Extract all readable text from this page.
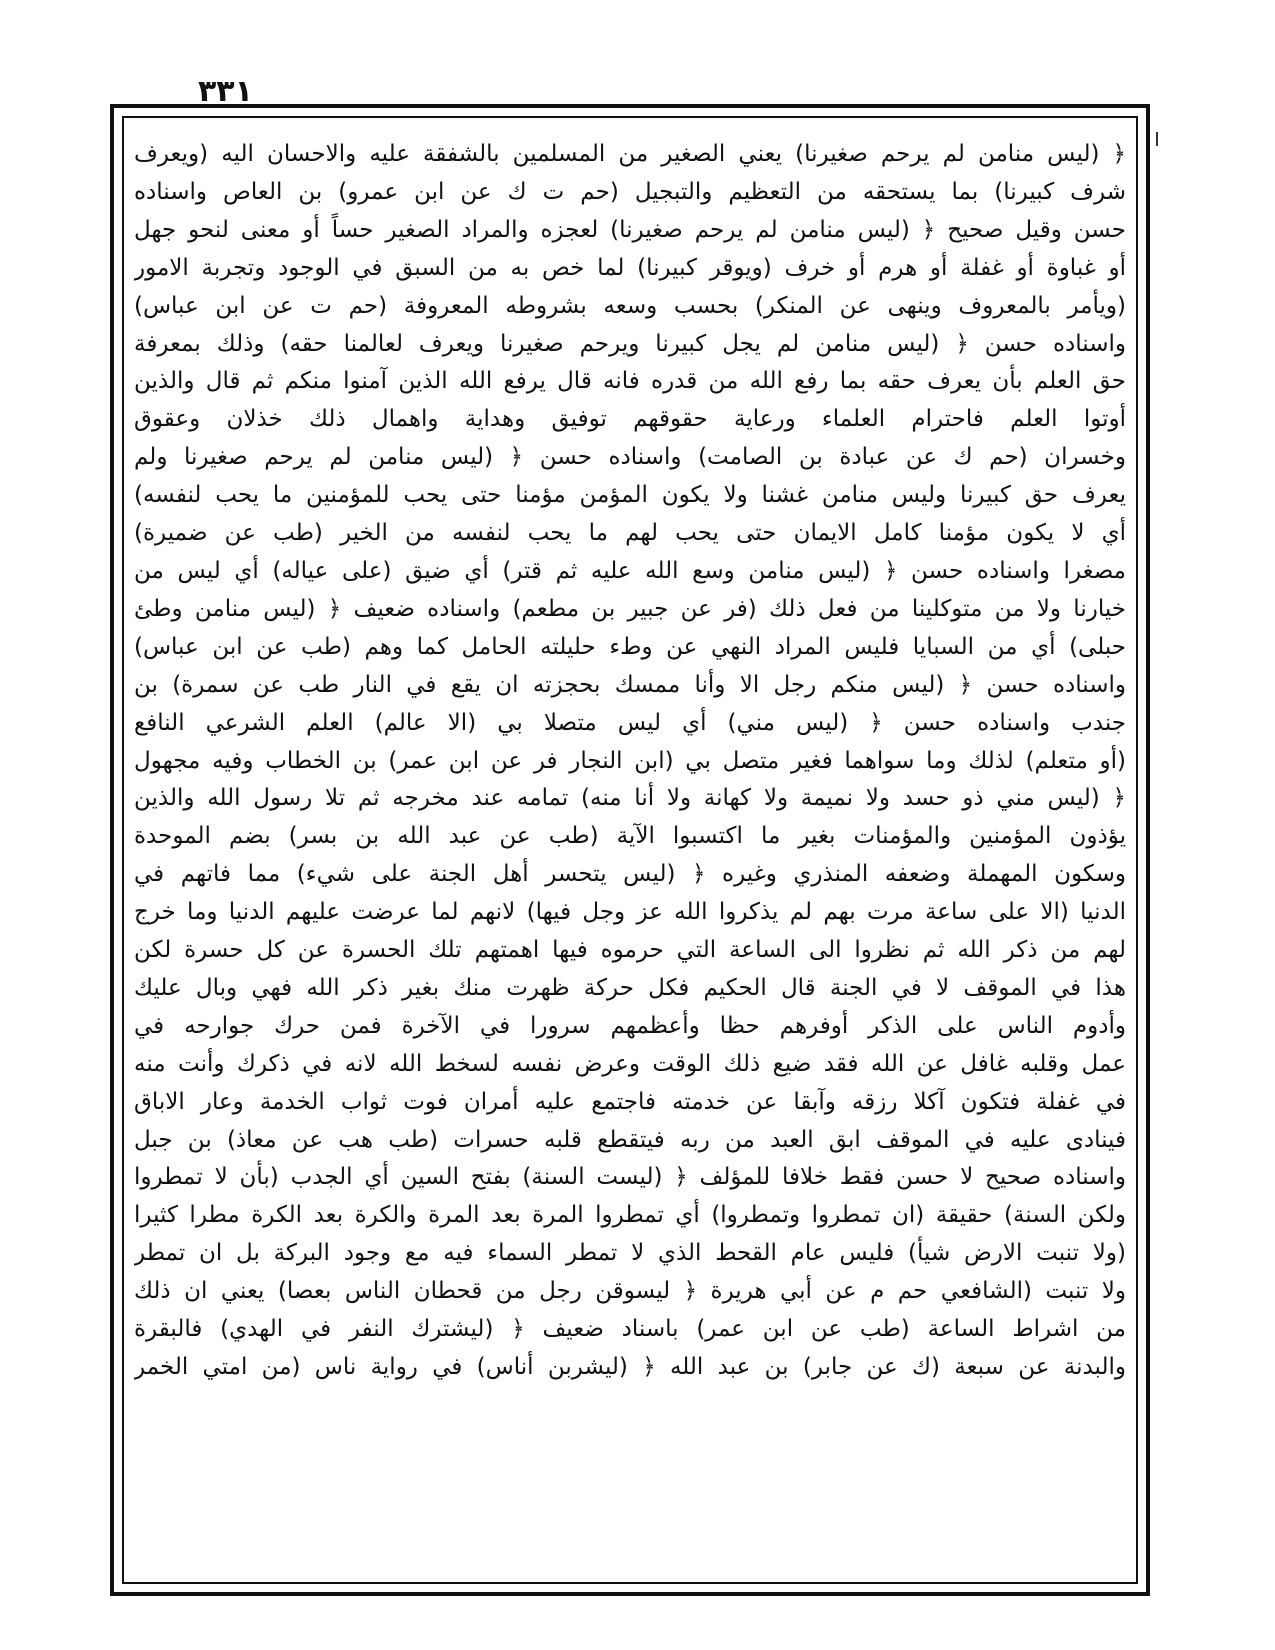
٣٣١
﴿ (ليس منامن لم يرحم صغيرنا) يعني الصغير من المسلمين بالشفقة عليه والاحسان اليه (ويعرف
شرف كبيرنا) بما يستحقه من التعظيم والتبجيل (حم ت ك عن ابن عمرو) بن العاص واسناده
حسن وقيل صحيح ﴿ (ليس منامن لم يرحم صغيرنا) لعجزه والمراد الصغير حساً أو معنى لنحو جهل
أو غباوة أو غفلة أو هرم أو خرف (ويوقر كبيرنا) لما خص به من السبق في الوجود وتجربة الامور
(ويأمر بالمعروف وينهى عن المنكر) بحسب وسعه بشروطه المعروفة (حم ت عن ابن عباس)
واسناده حسن ﴿ (ليس منامن لم يجل كبيرنا ويرحم صغيرنا ويعرف لعالمنا حقه) وذلك بمعرفة
حق العلم بأن يعرف حقه بما رفع الله من قدره فانه قال يرفع الله الذين آمنوا منكم ثم قال والذين
أوتوا العلم فاحترام العلماء ورعاية حقوقهم توفيق وهداية واهمال ذلك خذلان وعقوق
وخسران (حم ك عن عبادة بن الصامت) واسناده حسن ﴿ (ليس منامن لم يرحم صغيرنا ولم
يعرف حق كبيرنا وليس منامن غشنا ولا يكون المؤمن مؤمنا حتى يحب للمؤمنين ما يحب لنفسه)
أي لا يكون مؤمنا كامل الايمان حتى يحب لهم ما يحب لنفسه من الخير (طب عن ضميرة)
مصغرا واسناده حسن ﴿ (ليس منامن وسع الله عليه ثم قتر) أي ضيق (على عياله) أي ليس من
خيارنا ولا من متوكلينا من فعل ذلك (فر عن جبير بن مطعم) واسناده ضعيف ﴿ (ليس منامن وطئ
حبلى) أي من السبايا فليس المراد النهي عن وطء حليلته الحامل كما وهم (طب عن ابن عباس)
واسناده حسن ﴿ (ليس منكم رجل الا وأنا ممسك بحجزته ان يقع في النار طب عن سمرة) بن
جندب واسناده حسن ﴿ (ليس مني) أي ليس متصلا بي (الا عالم) العلم الشرعي النافع
(أو متعلم) لذلك وما سواهما فغير متصل بي (ابن النجار فر عن ابن عمر) بن الخطاب وفيه مجهول
﴿ (ليس مني ذو حسد ولا نميمة ولا كهانة ولا أنا منه) تمامه عند مخرجه ثم تلا رسول الله والذين
يؤذون المؤمنين والمؤمنات بغير ما اكتسبوا الآية (طب عن عبد الله بن بسر) بضم الموحدة
وسكون المهملة وضعفه المنذري وغيره ﴿ (ليس يتحسر أهل الجنة على شيء) مما فاتهم في
الدنيا (الا على ساعة مرت بهم لم يذكروا الله عز وجل فيها) لانهم لما عرضت عليهم الدنيا وما خرج
لهم من ذكر الله ثم نظروا الى الساعة التي حرموه فيها اهمتهم تلك الحسرة عن كل حسرة لكن
هذا في الموقف لا في الجنة قال الحكيم فكل حركة ظهرت منك بغير ذكر الله فهي وبال عليك
وأدوم الناس على الذكر أوفرهم حظا وأعظمهم سرورا في الآخرة فمن حرك جوارحه في
عمل وقلبه غافل عن الله فقد ضيع ذلك الوقت وعرض نفسه لسخط الله لانه في ذكرك وأنت منه
في غفلة فتكون آكلا رزقه وآبقا عن خدمته فاجتمع عليه أمران فوت ثواب الخدمة وعار الاباق
فينادى عليه في الموقف ابق العبد من ربه فيتقطع قلبه حسرات (طب هب عن معاذ) بن جبل
واسناده صحيح لا حسن فقط خلافا للمؤلف ﴿ (ليست السنة) بفتح السين أي الجدب (بأن لا تمطروا
ولكن السنة) حقيقة (ان تمطروا وتمطروا) أي تمطروا المرة بعد المرة والكرة بعد الكرة مطرا كثيرا
(ولا تنبت الارض شيأ) فليس عام القحط الذي لا تمطر السماء فيه مع وجود البركة بل ان تمطر
ولا تنبت (الشافعي حم م عن أبي هريرة ﴿ ليسوقن رجل من قحطان الناس بعصا) يعني ان ذلك
من اشراط الساعة (طب عن ابن عمر) باسناد ضعيف ﴿ (ليشترك النفر في الهدي) فالبقرة
والبدنة عن سبعة (ك عن جابر) بن عبد الله ﴿ (ليشربن أناس) في رواية ناس (من امتي الخمر
